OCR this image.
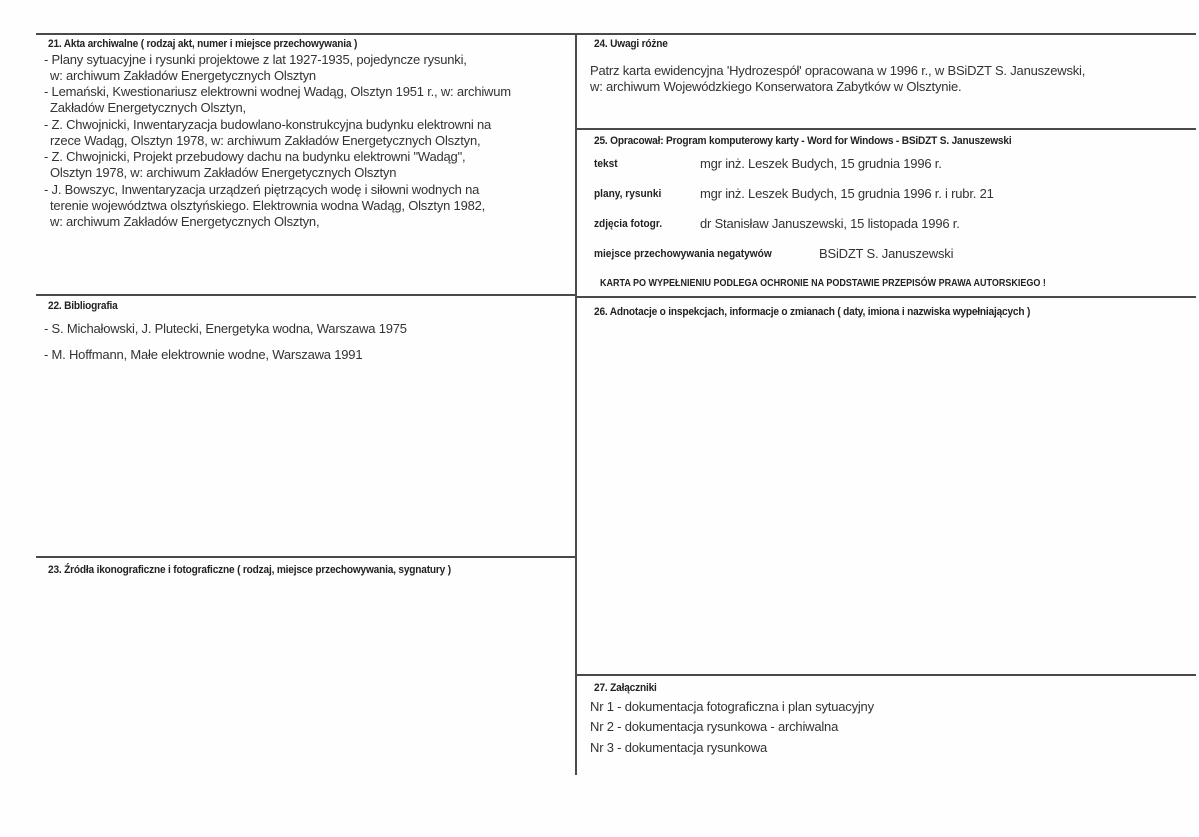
21. Akta archiwalne ( rodzaj akt, numer i miejsce przechowywania )
- Plany sytuacyjne i rysunki projektowe z lat 1927-1935, pojedyncze rysunki,
w: archiwum Zakładów Energetycznych Olsztyn
- Lemański, Kwestionariusz elektrowni wodnej Wadąg, Olsztyn 1951 r., w: archiwum
Zakładów Energetycznych Olsztyn,
- Z. Chwojnicki, Inwentaryzacja budowlano-konstrukcyjna budynku elektrowni na
rzece Wadąg, Olsztyn 1978, w: archiwum Zakładów Energetycznych Olsztyn,
- Z. Chwojnicki, Projekt przebudowy dachu na budynku elektrowni "Wadąg",
Olsztyn 1978, w: archiwum Zakładów Energetycznych Olsztyn
- J. Bowszyc, Inwentaryzacja urządzeń piętrzących wodę i siłowni wodnych na
terenie województwa olsztyńskiego. Elektrownia wodna Wadąg, Olsztyn 1982,
w: archiwum Zakładów Energetycznych Olsztyn,
22. Bibliografia
- S. Michałowski, J. Plutecki, Energetyka wodna, Warszawa 1975
- M. Hoffmann, Małe elektrownie wodne, Warszawa 1991
23. Źródła ikonograficzne i fotograficzne ( rodzaj, miejsce przechowywania, sygnatury )
24. Uwagi różne
Patrz karta ewidencyjna 'Hydrozespół' opracowana w 1996 r., w BSiDZT S. Januszewski,
w: archiwum Wojewódzkiego Konserwatora Zabytków w Olsztynie.
25. Opracował: Program komputerowy karty - Word for Windows - BSiDZT S. Januszewski
tekst	mgr inż. Leszek Budych, 15 grudnia 1996 r.
plany, rysunki	mgr inż. Leszek Budych, 15 grudnia 1996 r. i rubr. 21
zdjęcia fotogr.	dr Stanisław Januszewski, 15 listopada 1996 r.
miejsce przechowywania negatywów	BSiDZT S. Januszewski
KARTA PO WYPEŁNIENIU PODLEGA OCHRONIE NA PODSTAWIE PRZEPISÓW PRAWA AUTORSKIEGO !
26. Adnotacje o inspekcjach, informacje o zmianach ( daty, imiona i nazwiska wypełniających )
27. Załączniki
Nr 1 - dokumentacja fotograficzna i plan sytuacyjny
Nr 2 - dokumentacja rysunkowa - archiwalna
Nr 3 - dokumentacja rysunkowa
